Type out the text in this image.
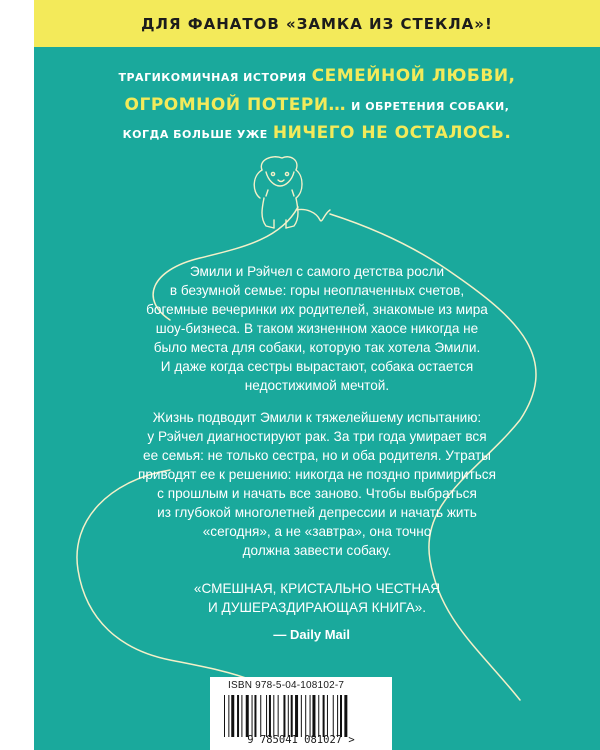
ДЛЯ ФАНАТОВ «ЗАМКА ИЗ СТЕКЛА»!
ТРАГИКОМИЧНАЯ ИСТОРИЯ СЕМЕЙНОЙ ЛЮБВИ,
ОГРОМНОЙ ПОТЕРИ… И ОБРЕТЕНИЯ СОБАКИ,
КОГДА БОЛЬШЕ УЖЕ НИЧЕГО НЕ ОСТАЛОСЬ.
Эмили и Рэйчел с самого детства росли
в безумной семье: горы неоплаченных счетов,
богемные вечеринки их родителей, знакомые из мира
шоу-бизнеса. В таком жизненном хаосе никогда не
было места для собаки, которую так хотела Эмили.
И даже когда сестры вырастают, собака остается
недостижимой мечтой.
Жизнь подводит Эмили к тяжелейшему испытанию:
у Рэйчел диагностируют рак. За три года умирает вся
ее семья: не только сестра, но и оба родителя. Утраты
приводят ее к решению: никогда не поздно примириться
с прошлым и начать все заново. Чтобы выбраться
из глубокой многолетней депрессии и начать жить
«сегодня», а не «завтра», она точно
должна завести собаку.
«СМЕШНАЯ, КРИСТАЛЬНО ЧЕСТНАЯ
И ДУШЕРАЗДИРАЮЩАЯ КНИГА».
— Daily Mail
ISBN 978-5-04-108102-7
9 785041 081027 >
